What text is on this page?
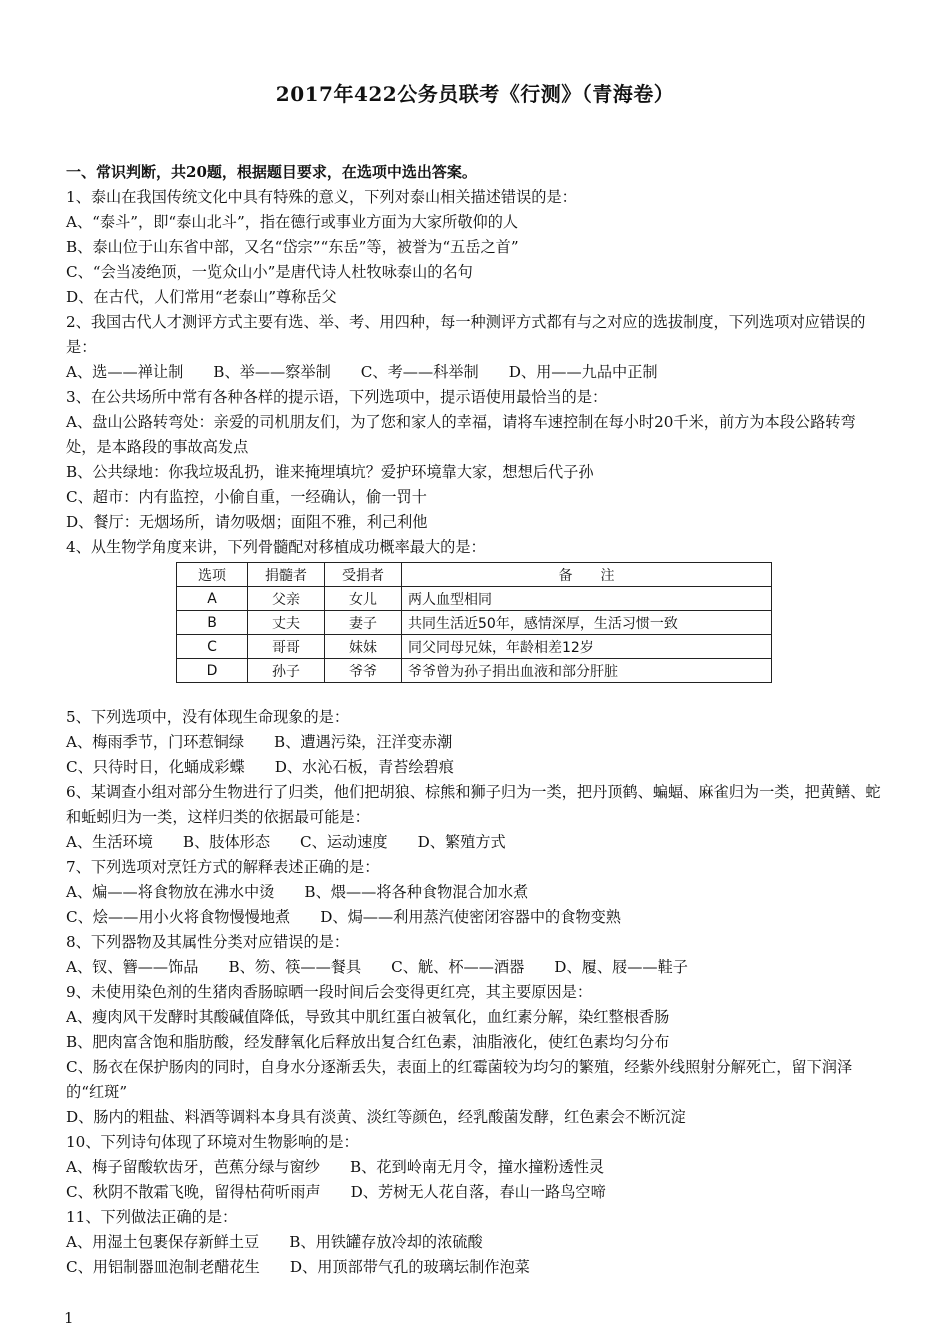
2017年422公务员联考《行测》（青海卷）
一、常识判断，共20题，根据题目要求，在选项中选出答案。
1、泰山在我国传统文化中具有特殊的意义，下列对泰山相关描述错误的是：
A、“泰斗”，即“泰山北斗”，指在德行或事业方面为大家所敬仰的人
B、泰山位于山东省中部，又名“岱宗”“东岳”等，被誉为“五岳之首”
C、“会当凌绝顶，一览众山小”是唐代诗人杜牧咏泰山的名句
D、在古代，人们常用“老泰山”尊称岳父
2、我国古代人才测评方式主要有选、举、考、用四种，每一种测评方式都有与之对应的选拔制度，下列选项对应错误的是：
A、选——禅让制 B、举——察举制 C、考——科举制 D、用——九品中正制
3、在公共场所中常有各种各样的提示语，下列选项中，提示语使用最恰当的是：
A、盘山公路转弯处：亲爱的司机朋友们，为了您和家人的幸福，请将车速控制在每小时20千米，前方为本段公路转弯处，是本路段的事故高发点
B、公共绿地：你我垃圾乱扔，谁来掩埋填坑？爱护环境靠大家，想想后代子孙
C、超市：内有监控，小偷自重，一经确认，偷一罚十
D、餐厅：无烟场所，请勿吸烟；面阻不雅，利己利他
4、从生物学角度来讲，下列骨髓配对移植成功概率最大的是：
选项	捐髓者	受捐者	备　　注
A	父亲	女儿	两人血型相同
B	丈夫	妻子	共同生活近50年，感情深厚，生活习惯一致
C	哥哥	妹妹	同父同母兄妹，年龄相差12岁
D	孙子	爷爷	爷爷曾为孙子捐出血液和部分肝脏
5、下列选项中，没有体现生命现象的是：
A、梅雨季节，门环惹铜绿 B、遭遇污染，汪洋变赤潮
C、只待时日，化蛹成彩蝶 D、水沁石板，青苔绘碧痕
6、某调查小组对部分生物进行了归类，他们把胡狼、棕熊和狮子归为一类，把丹顶鹤、蝙蝠、麻雀归为一类，把黄鳝、蛇和蚯蚓归为一类，这样归类的依据最可能是：
A、生活环境 B、肢体形态 C、运动速度 D、繁殖方式
7、下列选项对烹饪方式的解释表述正确的是：
A、煸——将食物放在沸水中烫 B、煨——将各种食物混合加水煮
C、烩——用小火将食物慢慢地煮 D、焗——利用蒸汽使密闭容器中的食物变熟
8、下列器物及其属性分类对应错误的是：
A、钗、簪——饰品 B、笏、筷——餐具 C、觥、杯——酒器 D、履、屐——鞋子
9、未使用染色剂的生猪肉香肠晾晒一段时间后会变得更红亮，其主要原因是：
A、瘦肉风干发酵时其酸碱值降低，导致其中肌红蛋白被氧化，血红素分解，染红整根香肠
B、肥肉富含饱和脂肪酸，经发酵氧化后释放出复合红色素，油脂液化，使红色素均匀分布
C、肠衣在保护肠肉的同时，自身水分逐渐丢失，表面上的红霉菌较为均匀的繁殖，经紫外线照射分解死亡，留下润泽的“红斑”
D、肠内的粗盐、料酒等调料本身具有淡黄、淡红等颜色，经乳酸菌发酵，红色素会不断沉淀
10、下列诗句体现了环境对生物影响的是：
A、梅子留酸软齿牙，芭蕉分绿与窗纱 B、花到岭南无月令，撞水撞粉透性灵
C、秋阴不散霜飞晚，留得枯荷听雨声 D、芳树无人花自落，春山一路鸟空啼
11、下列做法正确的是：
A、用湿土包裹保存新鲜土豆 B、用铁罐存放冷却的浓硫酸
C、用铝制器皿泡制老醋花生 D、用顶部带气孔的玻璃坛制作泡菜
1
